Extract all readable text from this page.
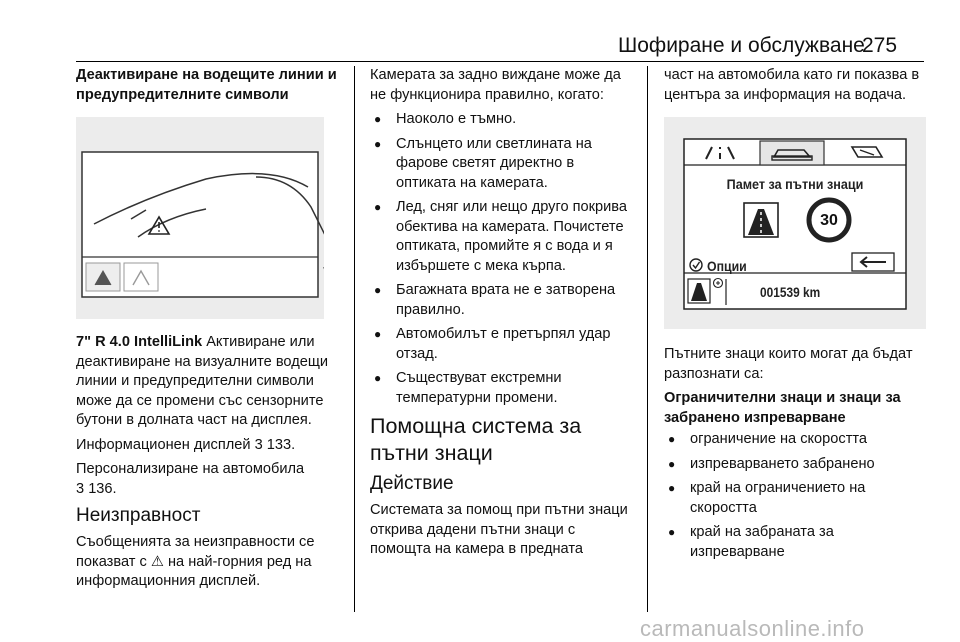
Шофиране и обслужване
275

Деактивиране на водещите линии и предупредителните символи

7" R 4.0 IntelliLink Активиране или деактивиране на визуалните водещи линии и предупредителни символи може да се промени със сензорните бутони в долната част на дисплея.

Информационен дисплей 3 133.

Персонализиране на автомобила
3 136.

Неизправност

Съобщенията за неизправности се показват с ⚠ на най-горния ред на информационния дисплей.

Камерата за задно виждане може да не функционира правилно, когато:

● Наоколо е тъмно.
● Слънцето или светлината на фарове светят директно в оптиката на камерата.
● Лед, сняг или нещо друго покрива обектива на камерата. Почистете оптиката, промийте я с вода и я избършете с мека кърпа.
● Багажната врата не е затворена правилно.
● Автомобилът е претърпял удар отзад.
● Съществуват екстремни температурни промени.

Помощна система за пътни знаци

Действие

Системата за помощ при пътни знаци открива дадени пътни знаци с помощта на камера в предната

част на автомобила като ги показва в центъра за информация на водача.

Памет за пътни знаци
30
Опции
001539 km

Пътните знаци които могат да бъдат разпознати са:

Ограничителни знаци и знаци за забранено изпреварване

● ограничение на скоростта
● изпреварването забранено
● край на ограничението на скоростта
● край на забраната за изпреварване
carmanualsonline.info
